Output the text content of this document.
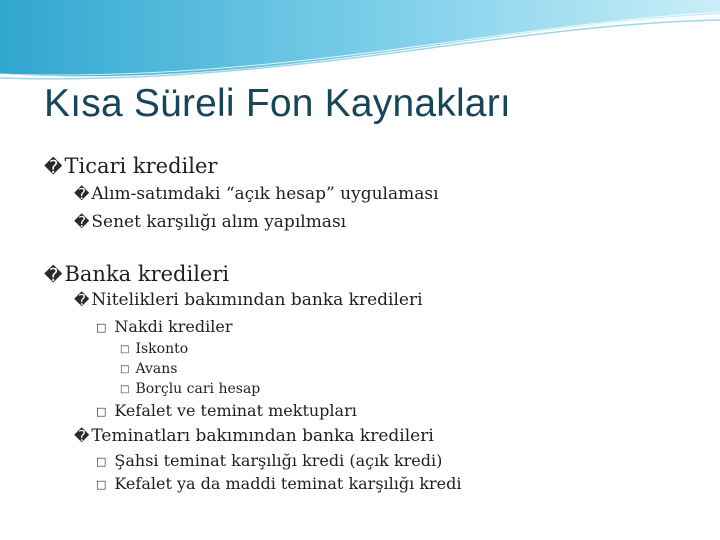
Kısa Süreli Fon Kaynakları
�Ticari krediler
� Alım-satımdaki “açık hesap” uygulaması
� Senet karşılığı alım yapılması
�Banka kredileri
� Nitelikleri bakımından banka kredileri
□ Nakdi krediler
□ Iskonto
□ Avans
□ Borçlu cari hesap
□ Kefalet ve teminat mektupları
� Teminatları bakımından banka kredileri
□ Şahsi teminat karşılığı kredi (açık kredi)
□ Kefalet ya da maddi teminat karşılığı kredi
